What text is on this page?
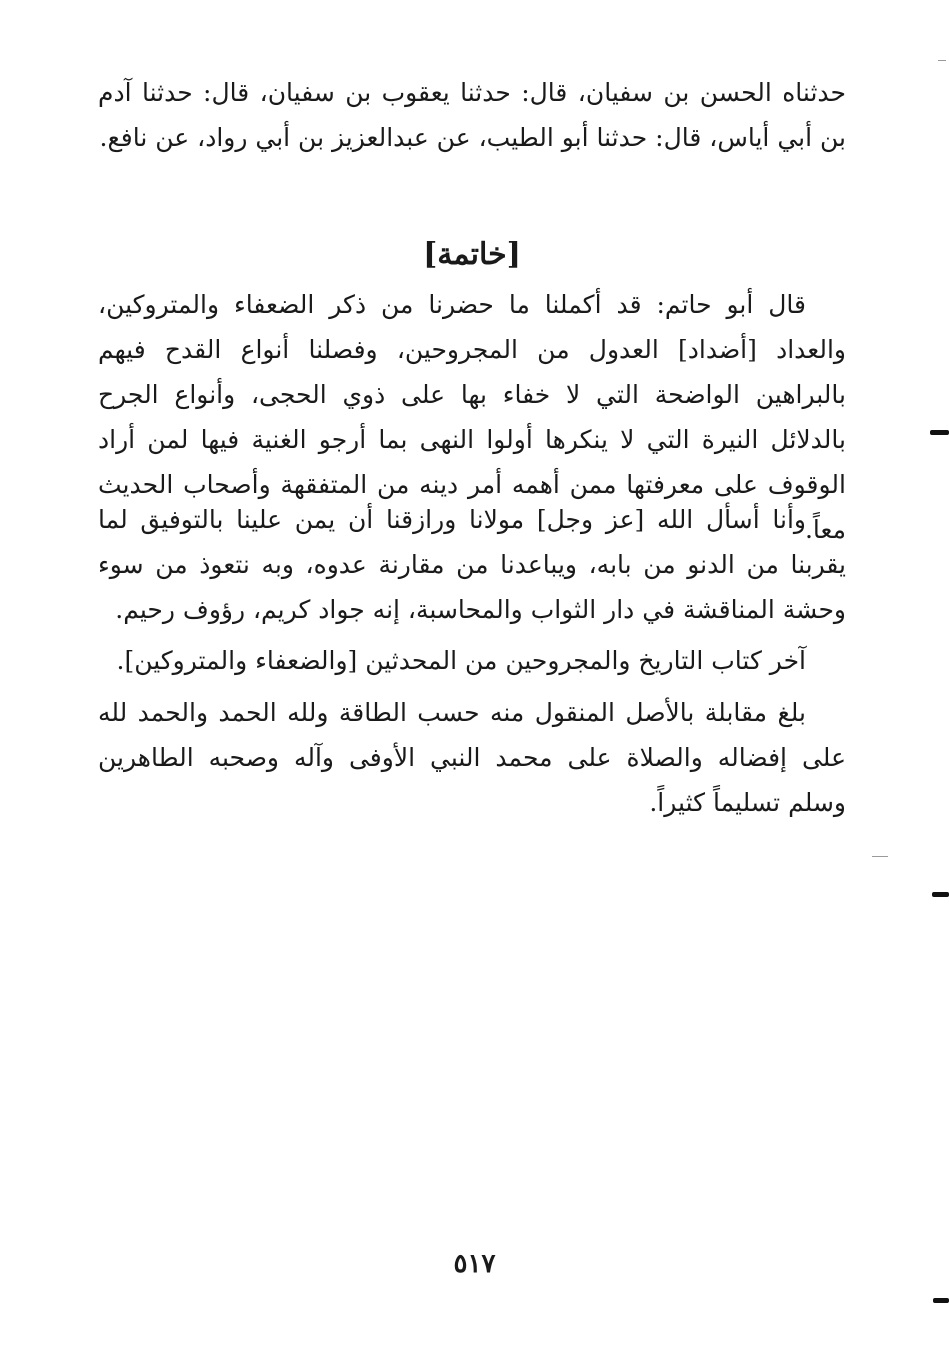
حدثناه الحسن بن سفيان، قال: حدثنا يعقوب بن سفيان، قال: حدثنا آدم بن أبي أياس، قال: حدثنا أبو الطيب، عن عبدالعزيز بن أبي رواد، عن نافع.

[خاتمة]

قال أبو حاتم: قد أكملنا ما حضرنا من ذكر الضعفاء والمتروكين، والعداد [أضداد] العدول من المجروحين، وفصلنا أنواع القدح فيهم بالبراهين الواضحة التي لا خفاء بها على ذوي الحجى، وأنواع الجرح بالدلائل النيرة التي لا ينكرها أولوا النهى بما أرجو الغنية فيها لمن أراد الوقوف على معرفتها ممن أهمه أمر دينه من المتفقهة وأصحاب الحديث معاً.

وأنا أسأل الله [عز وجل] مولانا ورازقنا أن يمن علينا بالتوفيق لما يقربنا من الدنو من بابه، ويباعدنا من مقارنة عدوه، وبه نتعوذ من سوء وحشة المناقشة في دار الثواب والمحاسبة، إنه جواد كريم، رؤوف رحيم.

آخر كتاب التاريخ والمجروحين من المحدثين [والضعفاء والمتروكين].

بلغ مقابلة بالأصل المنقول منه حسب الطاقة ولله الحمد والحمد لله على إفضاله والصلاة على محمد النبي الأوفى وآله وصحبه الطاهرين وسلم تسليماً كثيراً.

٥١٧
